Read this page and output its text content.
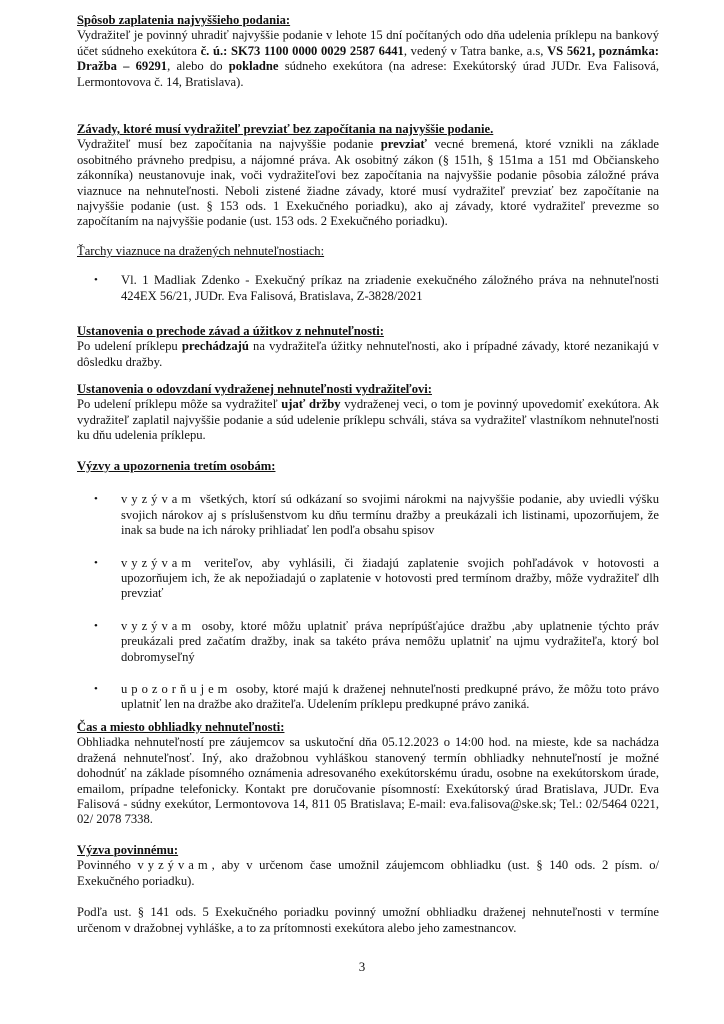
Spôsob zaplatenia najvyššieho podania:

Vydražiteľ je povinný uhradiť najvyššie podanie v lehote 15 dní počítaných odo dňa udelenia príklepu na bankový účet súdneho exekútora č. ú.: SK73 1100 0000 0029 2587 6441, vedený v Tatra banke, a.s, VS 5621, poznámka: Dražba – 69291, alebo do pokladne súdneho exekútora (na adrese: Exekútorský úrad JUDr. Eva Falisová, Lermontovova č. 14, Bratislava).

Závady, ktoré musí vydražiteľ prevziať bez započítania na najvyššie podanie.

Vydražiteľ musí bez započítania na najvyššie podanie prevziať vecné bremená, ktoré vznikli na základe osobitného právneho predpisu, a nájomné práva. Ak osobitný zákon (§ 151h, § 151ma a 151 md Občianskeho zákonníka) neustanovuje inak, voči vydražiteľovi bez započítania na najvyššie podanie pôsobia záložné práva viaznuce na nehnuteľnosti. Neboli zistené žiadne závady, ktoré musí vydražiteľ prevziať bez započítanie na najvyššie podanie (ust. § 153 ods. 1 Exekučného poriadku), ako aj závady, ktoré vydražiteľ prevezme so započítaním na najvyššie podanie (ust. 153 ods. 2 Exekučného poriadku).

Ťarchy viaznuce na dražených nehnuteľnostiach:

• Vl. 1 Madliak Zdenko - Exekučný príkaz na zriadenie exekučného záložného práva na nehnuteľnosti 424EX 56/21, JUDr. Eva Falisová, Bratislava, Z-3828/2021

Ustanovenia o prechode závad a úžitkov z nehnuteľnosti:

Po udelení príklepu prechádzajú na vydražiteľa úžitky nehnuteľnosti, ako i prípadné závady, ktoré nezanikajú v dôsledku dražby.

Ustanovenia o odovzdaní vydraženej nehnuteľnosti vydražiteľovi:

Po udelení príklepu môže sa vydražiteľ ujať držby vydraženej veci, o tom je povinný upovedomiť exekútora. Ak vydražiteľ zaplatil najvyššie podanie a súd udelenie príklepu schváli, stáva sa vydražiteľ vlastníkom nehnuteľnosti ku dňu udelenia príklepu.

Výzvy a upozornenia tretím osobám:

• vyzývam všetkých, ktorí sú odkázaní so svojimi nárokmi na najvyššie podanie, aby uviedli výšku svojich nárokov aj s príslušenstvom ku dňu termínu dražby a preukázali ich listinami, upozorňujem, že inak sa bude na ich nároky prihliadať len podľa obsahu spisov
• vyzývam veriteľov, aby vyhlásili, či žiadajú zaplatenie svojich pohľadávok v hotovosti a upozorňujem ich, že ak nepožiadajú o zaplatenie v hotovosti pred termínom dražby, môže vydražiteľ dlh prevziať
• vyzývam osoby, ktoré môžu uplatniť práva neprípúšťajúce dražbu ,aby uplatnenie týchto práv preukázali pred začatím dražby, inak sa takéto práva nemôžu uplatniť na ujmu vydražiteľa, ktorý bol dobromyseľný
• upozorňujem osoby, ktoré majú k draženej nehnuteľnosti predkupné právo, že môžu toto právo uplatniť len na dražbe ako dražiteľa. Udelením príklepu predkupné právo zaniká.

Čas a miesto obhliadky nehnuteľnosti:

Obhliadka nehnuteľností pre záujemcov sa uskutoční dňa 05.12.2023 o 14:00 hod. na mieste, kde sa nachádza dražená nehnuteľnosť. Iný, ako dražobnou vyhláškou stanovený termín obhliadky nehnuteľností je možné dohodnúť na základe písomného oznámenia adresovaného exekútorskému úradu, osobne na exekútorskom úrade, emailom, prípadne telefonicky. Kontakt pre doručovanie písomností: Exekútorský úrad Bratislava, JUDr. Eva Falisová - súdny exekútor, Lermontovova 14, 811 05 Bratislava; E-mail: eva.falisova@ske.sk; Tel.: 02/5464 0221, 02/ 2078 7338.

Výzva povinnému:

Povinného vyzývam, aby v určenom čase umožnil záujemcom obhliadku (ust. § 140 ods. 2 písm. o/ Exekučného poriadku).

Podľa ust. § 141 ods. 5 Exekučného poriadku povinný umožní obhliadku draženej nehnuteľnosti v termíne určenom v dražobnej vyhláške, a to za prítomnosti exekútora alebo jeho zamestnancov.

3
